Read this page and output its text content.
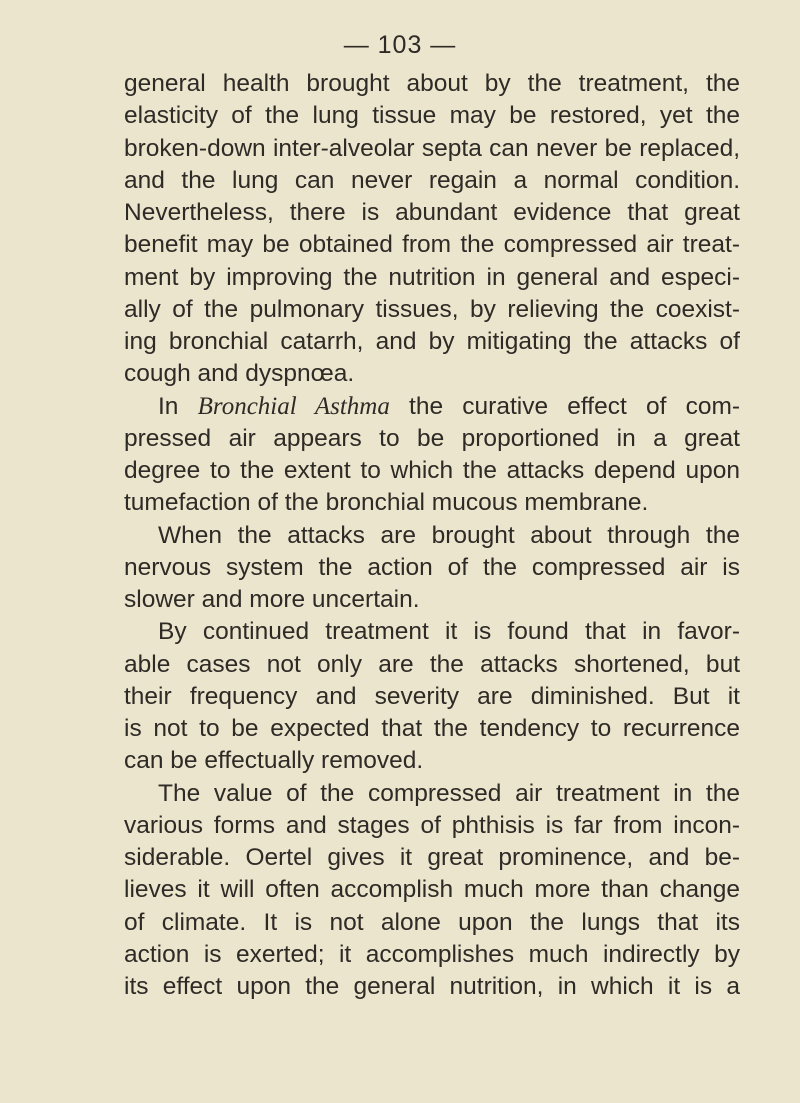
— 103 —
general health brought about by the treatment, the
elasticity of the lung tissue may be restored, yet the
broken-down inter-alveolar septa can never be replaced,
and the lung can never regain a normal condition.
Nevertheless, there is abundant evidence that great
benefit may be obtained from the compressed air treat-
ment by improving the nutrition in general and especi-
ally of the pulmonary tissues, by relieving the coexist-
ing bronchial catarrh, and by mitigating the attacks of
cough and dyspnœa.
In Bronchial Asthma the curative effect of com-
pressed air appears to be proportioned in a great
degree to the extent to which the attacks depend upon
tumefaction of the bronchial mucous membrane.
When the attacks are brought about through the
nervous system the action of the compressed air is
slower and more uncertain.
By continued treatment it is found that in favor-
able cases not only are the attacks shortened, but
their frequency and severity are diminished. But it
is not to be expected that the tendency to recurrence
can be effectually removed.
The value of the compressed air treatment in the
various forms and stages of phthisis is far from incon-
siderable. Oertel gives it great prominence, and be-
lieves it will often accomplish much more than change
of climate. It is not alone upon the lungs that its
action is exerted; it accomplishes much indirectly by
its effect upon the general nutrition, in which it is a
